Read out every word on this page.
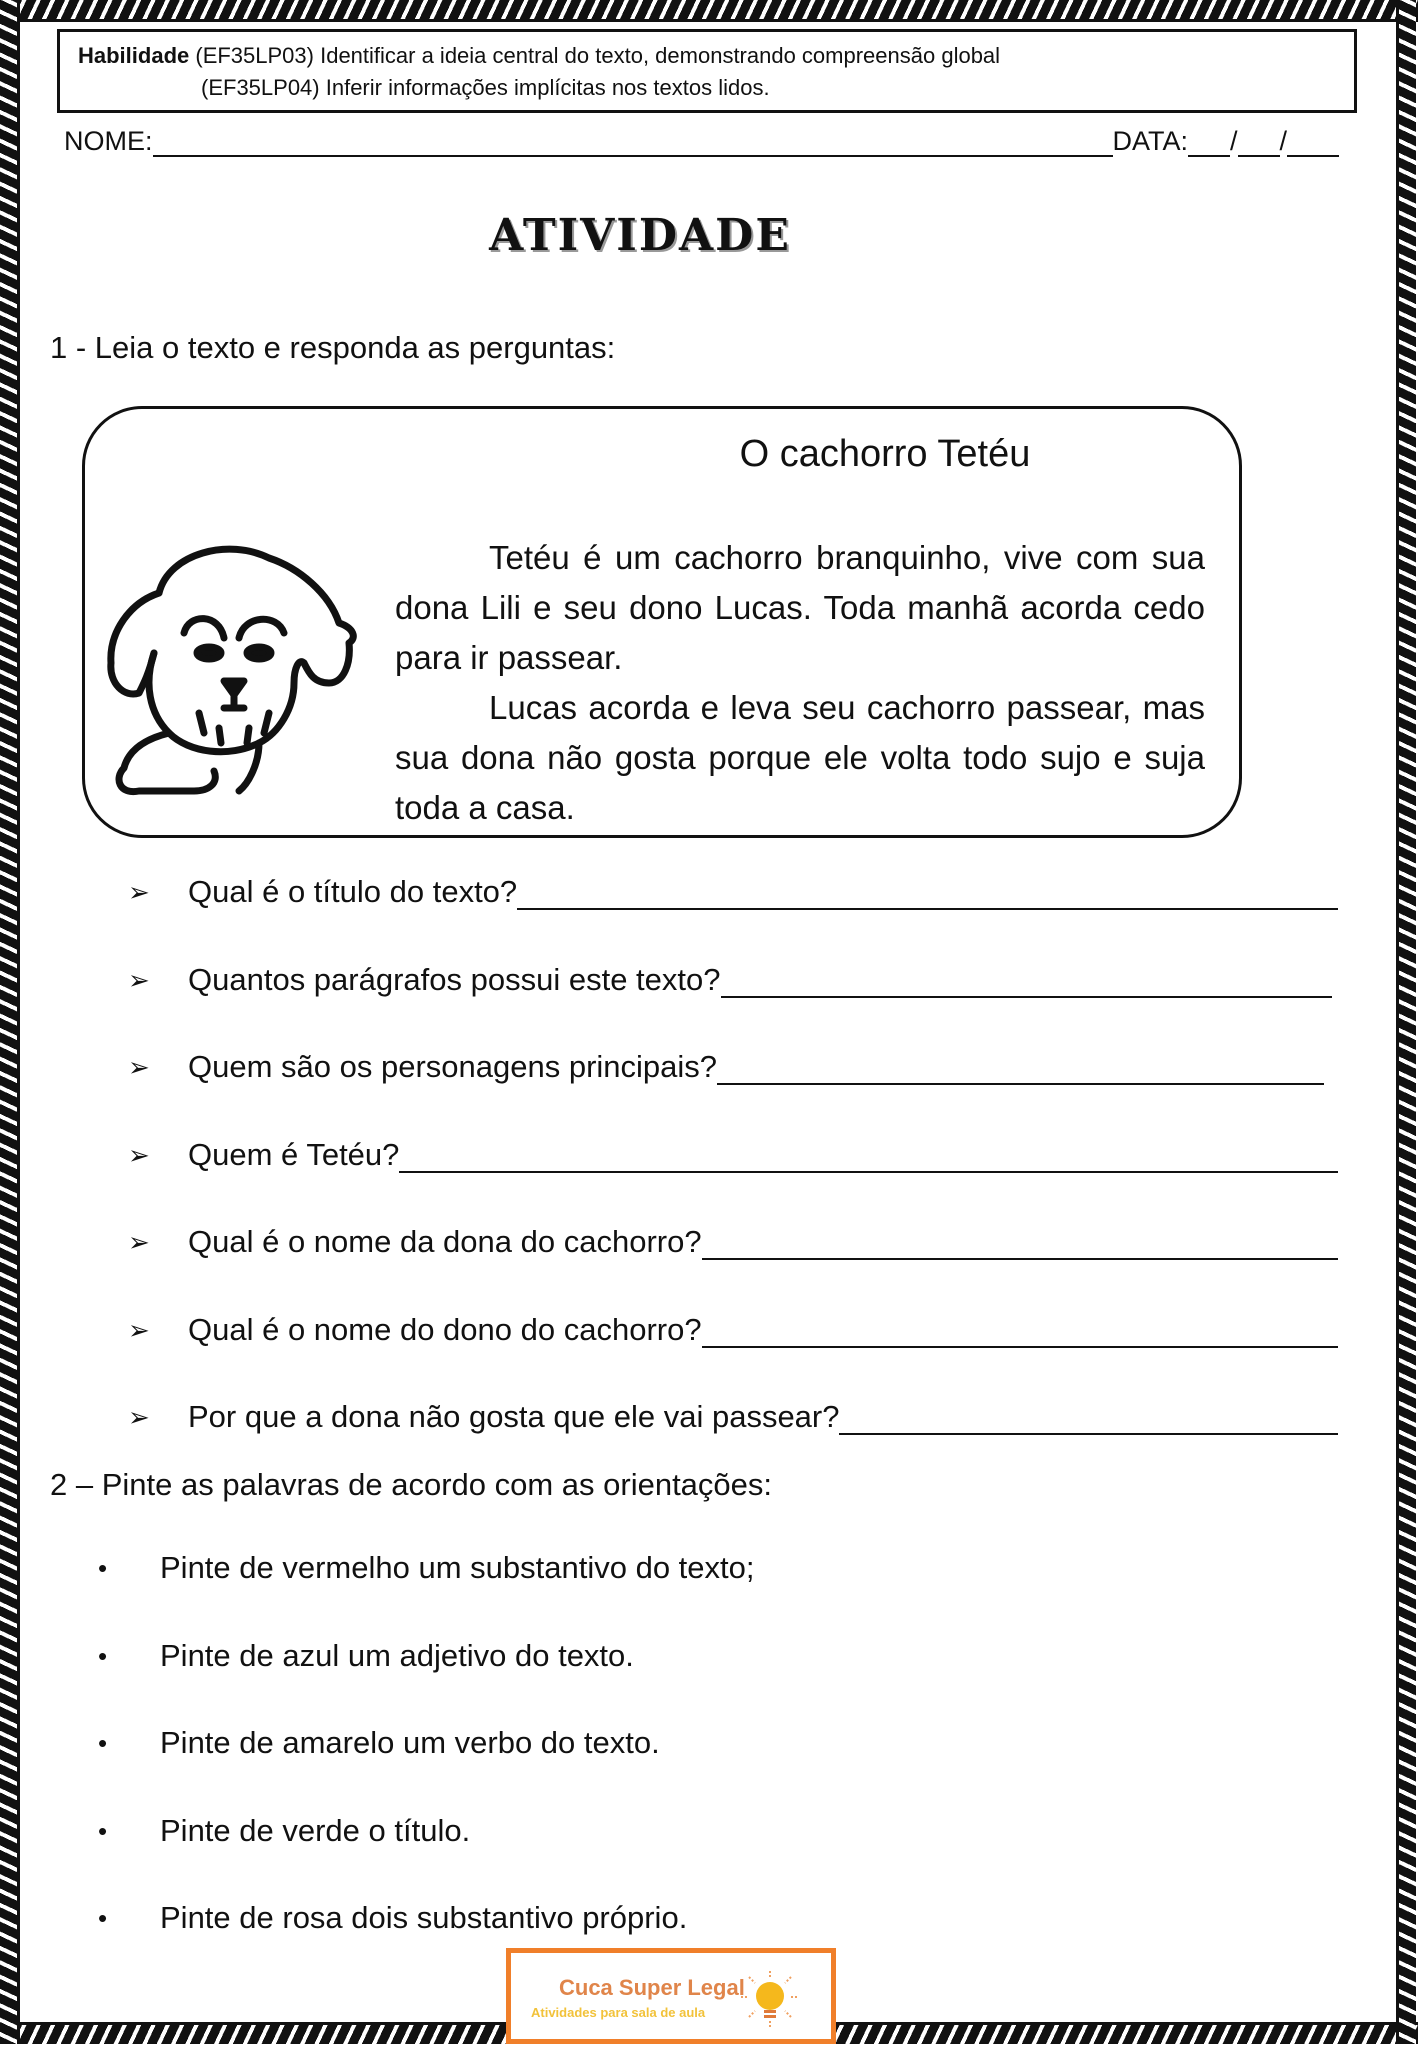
Habilidade (EF35LP03) Identificar a ideia central do texto, demonstrando compreensão global
(EF35LP04) Inferir informações implícitas nos textos lidos.
NOME:	DATA: / /
ATIVIDADE
1 - Leia o texto e responda as perguntas:
O cachorro Tetéu

Tetéu é um cachorro branquinho, vive com sua dona Lili e seu dono Lucas. Toda manhã acorda cedo para ir passear.

Lucas acorda e leva seu cachorro passear, mas sua dona não gosta porque ele volta todo sujo e suja toda a casa.

➢	Qual é o título do texto?
➢	Quantos parágrafos possui este texto?
➢	Quem são os personagens principais?
➢	Quem é Tetéu?
➢	Qual é o nome da dona do cachorro?
➢	Qual é o nome do dono do cachorro?
➢	Por que a dona não gosta que ele vai passear?
2 – Pinte as palavras de acordo com as orientações:
•	Pinte de vermelho um substantivo do texto;
•	Pinte de azul um adjetivo do texto.
•	Pinte de amarelo um verbo do texto.
•	Pinte de verde o título.
•	Pinte de rosa dois substantivo próprio.
Cuca Super Legal
Atividades para sala de aula
